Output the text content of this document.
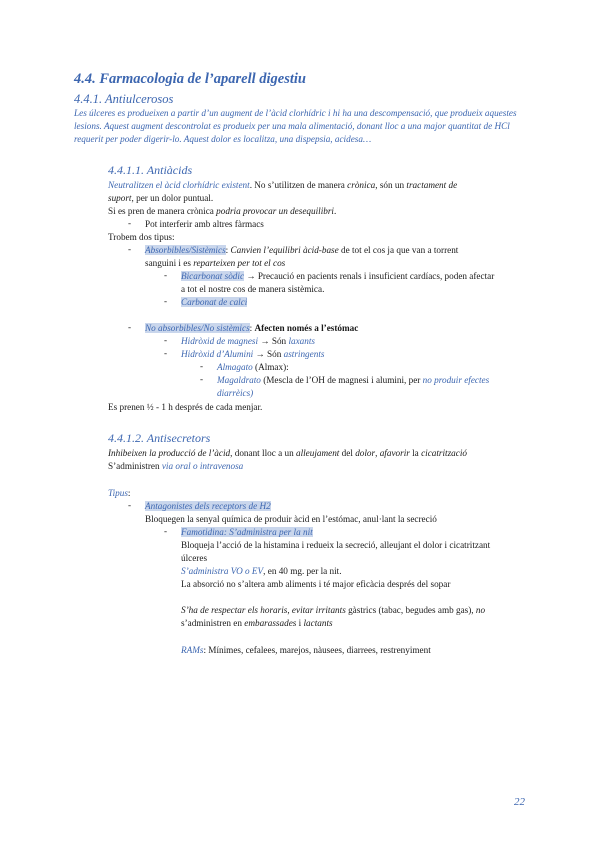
4.4. Farmacologia de l’aparell digestiu
4.4.1. Antiulcerosos
Les úlceres es produeixen a partir d’un augment de l’àcid clorhídric i hi ha una descompensació, que produeix aquestes lesions. Aquest augment descontrolat es produeix per una mala alimentació, donant lloc a una major quantitat de HCl requerit per poder digerir-lo. Aquest dolor es localitza, una dispepsia, acidesa…
4.4.1.1. Antiàcids
Neutralitzen el àcid clorhídric existent. No s’utilitzen de manera crònica, són un tractament de
suport, per un dolor puntual.
Si es pren de manera crònica podria provocar un desequilibri.
- Pot interferir amb altres fàrmacs
Trobem dos tipus:
- Absorbibles/Sistèmics: Canvien l’equilibri àcid-base de tot el cos ja que van a torrent
sanguini i es reparteixen per tot el cos
- Bicarbonat sòdic → Precaució en pacients renals i insuficient cardíacs, poden afectar
a tot el nostre cos de manera sistèmica.
- Carbonat de calci
- No absorbibles/No sistèmics: Afecten només a l’estómac
- Hidròxid de magnesi → Són laxants
- Hidròxid d’Alumini → Són astringents
- Almagato (Almax):
- Magaldrato (Mescla de l’OH de magnesi i alumini, per no produir efectes
diarrèics)
Es prenen ½ - 1 h després de cada menjar.
4.4.1.2. Antisecretors
Inhibeixen la producció de l’àcid, donant lloc a un alleujament del dolor, afavorir la cicatrització
S’administren via oral o intravenosa
Tipus:
- Antagonistes dels receptors de H2
Bloquegen la senyal química de produir àcid en l’estómac, anul·lant la secreció
- Famotidina: S’administra per la nit
Bloqueja l’acció de la histamina i redueix la secreció, alleujant el dolor i cicatritzant
úlceres
S’administra VO o EV, en 40 mg. per la nit.
La absorció no s’altera amb aliments i té major eficàcia després del sopar
S’ha de respectar els horaris, evitar irritants gàstrics (tabac, begudes amb gas), no
s’administren en embarassades i lactants
RAMs: Mínimes, cefalees, marejos, nàusees, diarrees, restrenyiment
22
